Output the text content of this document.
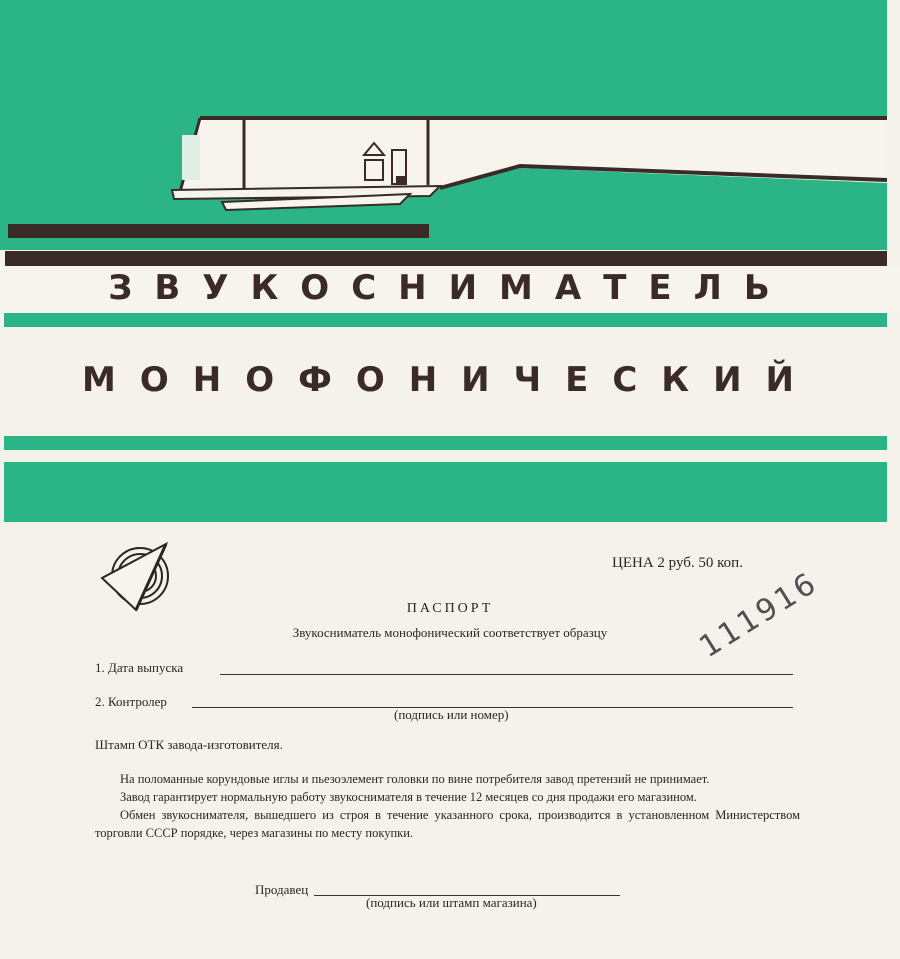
ЗВУКОСНИМАТЕЛЬ
МОНОФОНИЧЕСКИЙ
ЦЕНА 2 руб. 50 коп.
ПАСПОРТ
Звукосниматель монофонический соответствует образцу
1. Дата выпуска
2. Контролер
(подпись или номер)
111916
Штамп ОТК завода-изготовителя.

На поломанные корундовые иглы и пьезоэлемент головки по вине потребителя завод претензий не принимает.

Завод гарантирует нормальную работу звукоснимателя в течение 12 месяцев со дня продажи его магазином.

Обмен звукоснимателя, вышедшего из строя в течение указанного срока, производится в установленном Министерством торговли СССР порядке, через магазины по месту покупки.

Продавец
(подпись или штамп магазина)
